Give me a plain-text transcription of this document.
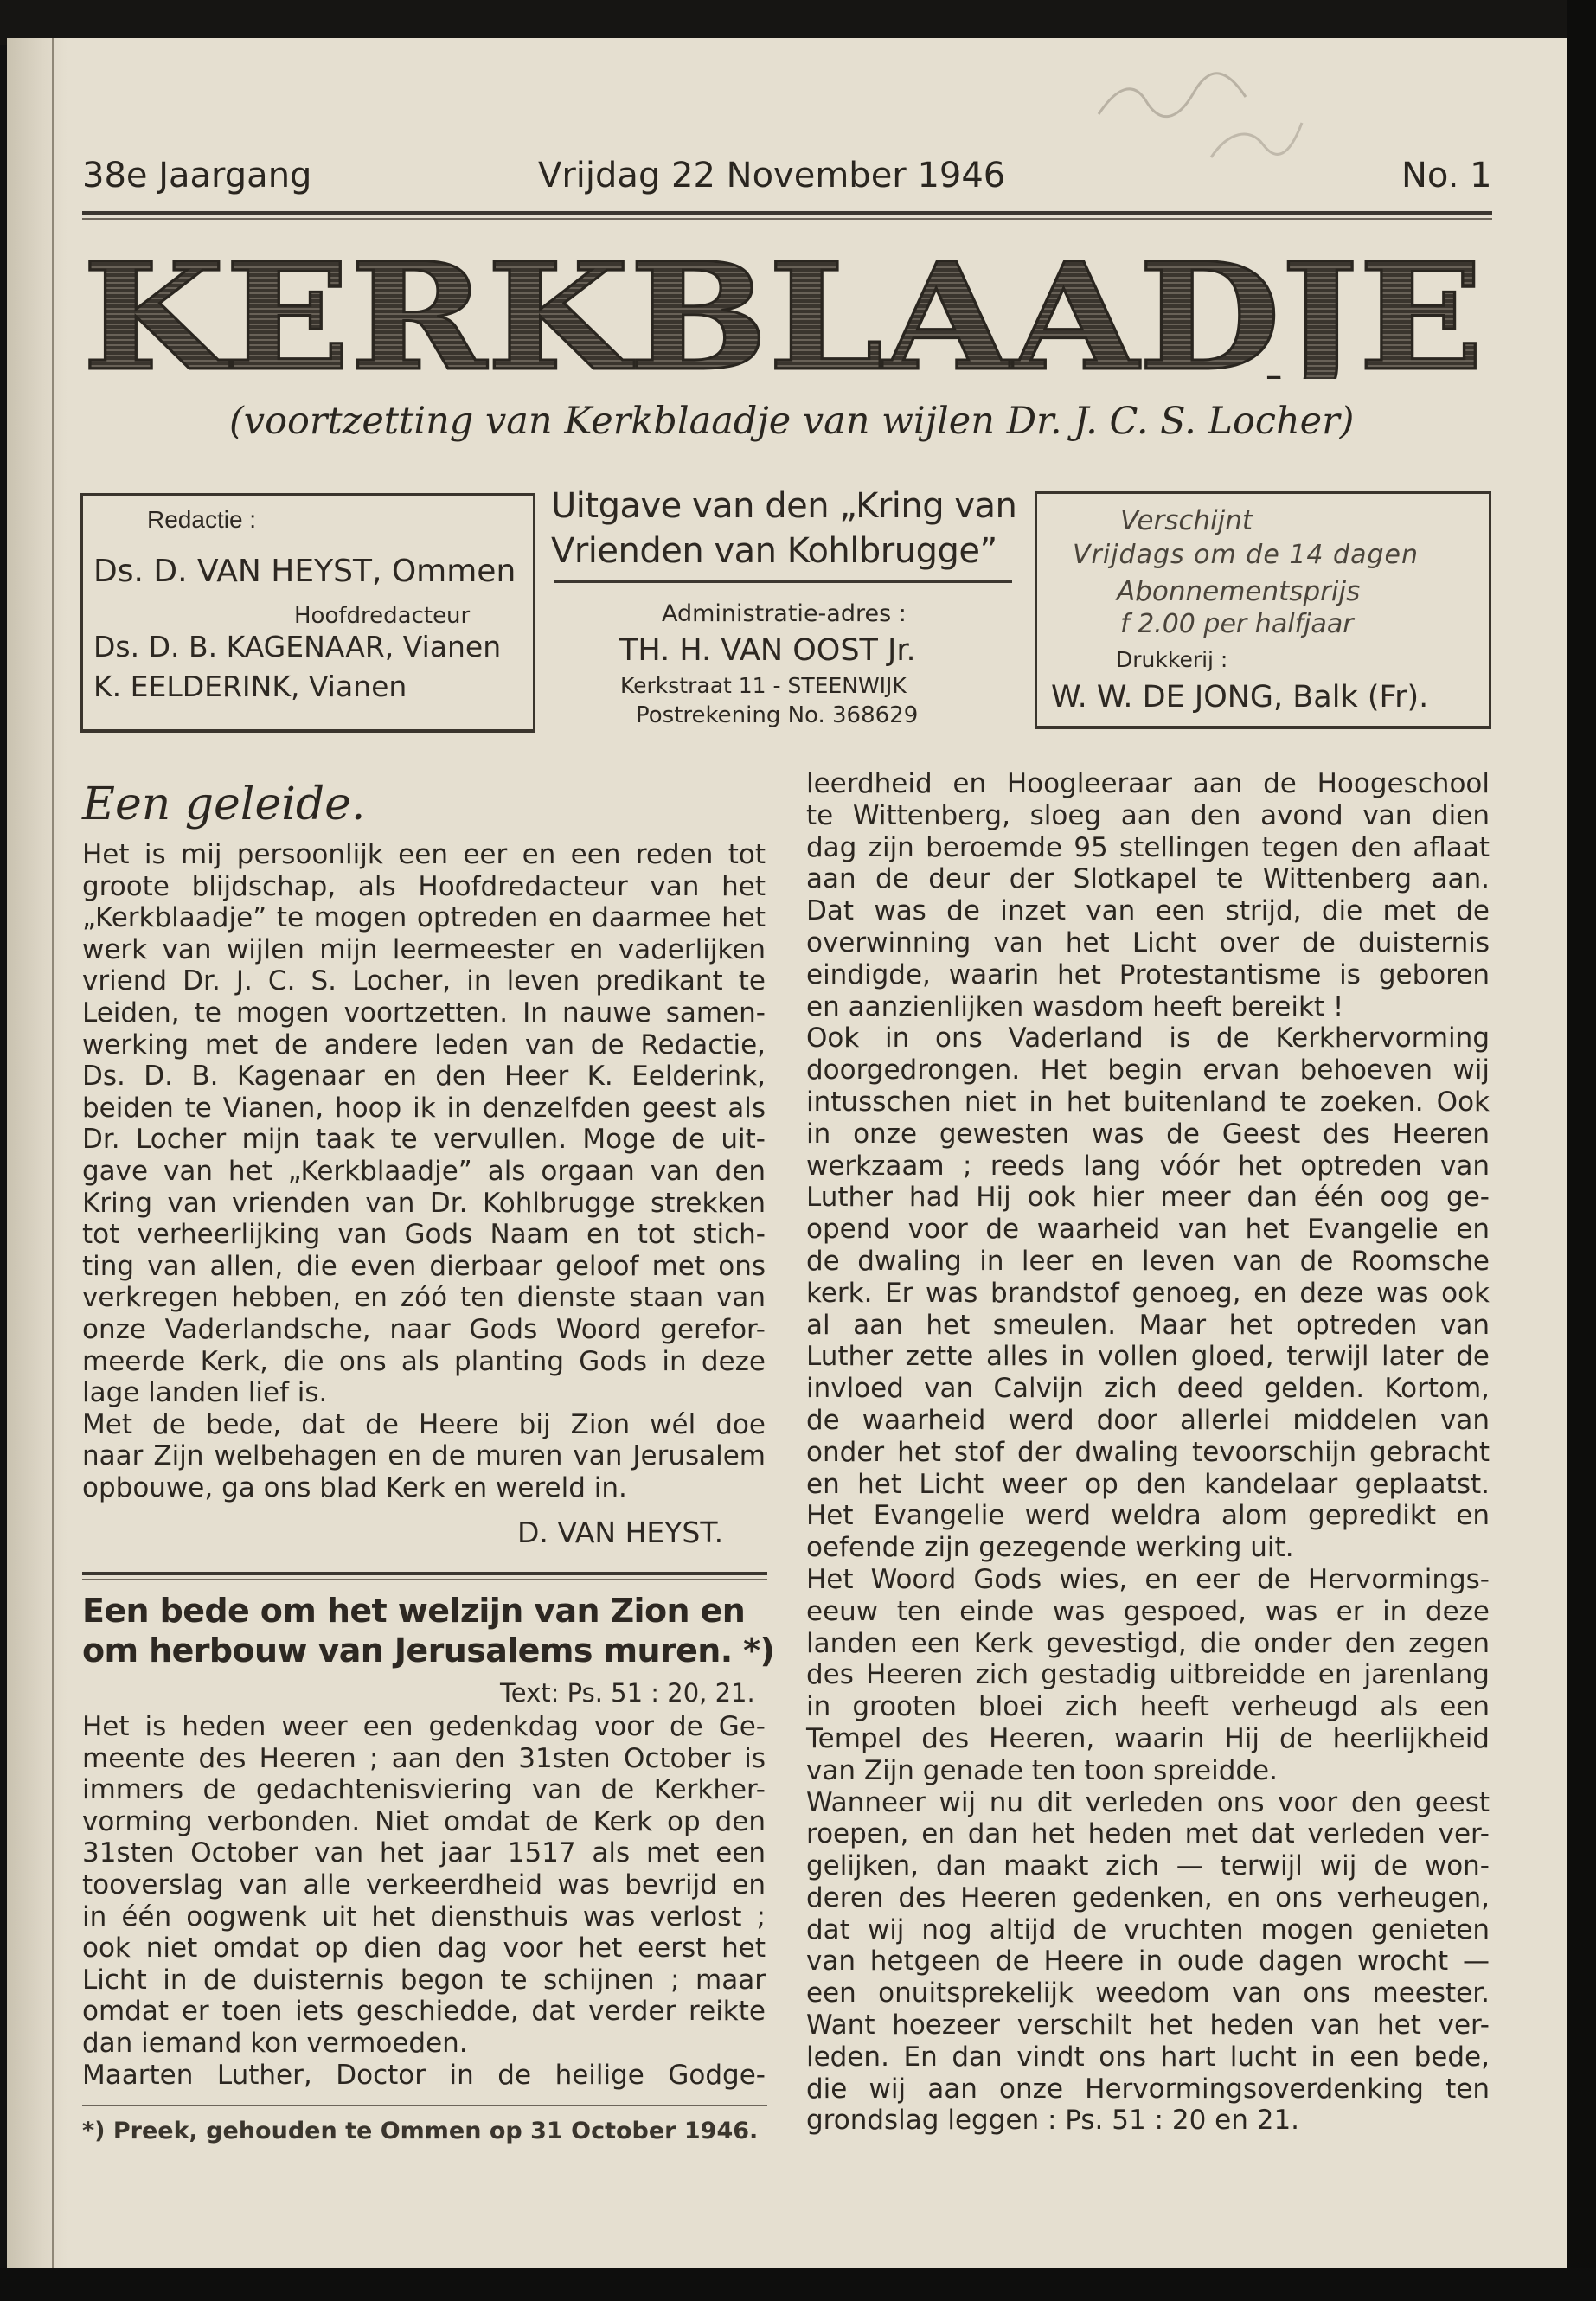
38e Jaargang	Vrijdag 22 November 1946	No. 1
KERKBLAADJE
(voortzetting van Kerkblaadje van wijlen Dr. J. C. S. Locher)
Redactie :
Ds. D. VAN HEYST, Ommen
Hoofdredacteur
Ds. D. B. KAGENAAR, Vianen
K. EELDERINK, Vianen
Uitgave van den „Kring van
Vrienden van Kohlbrugge”
Administratie-adres :
TH. H. VAN OOST Jr.
Kerkstraat 11 - STEENWIJK
Postrekening No. 368629
Verschijnt
Vrijdags om de 14 dagen
Abonnementsprijs
f 2.00 per halfjaar
Drukkerij :
W. W. DE JONG, Balk (Fr).
Een geleide.
Het is mij persoonlijk een eer en een reden tot
groote blijdschap, als Hoofdredacteur van het
„Kerkblaadje” te mogen optreden en daarmee het
werk van wijlen mijn leermeester en vaderlijken
vriend Dr. J. C. S. Locher, in leven predikant te
Leiden, te mogen voortzetten. In nauwe samen-
werking met de andere leden van de Redactie,
Ds. D. B. Kagenaar en den Heer K. Eelderink,
beiden te Vianen, hoop ik in denzelfden geest als
Dr. Locher mijn taak te vervullen. Moge de uit-
gave van het „Kerkblaadje” als orgaan van den
Kring van vrienden van Dr. Kohlbrugge strekken
tot verheerlijking van Gods Naam en tot stich-
ting van allen, die even dierbaar geloof met ons
verkregen hebben, en zóó ten dienste staan van
onze Vaderlandsche, naar Gods Woord gerefor-
meerde Kerk, die ons als planting Gods in deze
lage landen lief is.
Met de bede, dat de Heere bij Zion wél doe
naar Zijn welbehagen en de muren van Jerusalem
opbouwe, ga ons blad Kerk en wereld in.
D. VAN HEYST.
Een bede om het welzijn van Zion en
om herbouw van Jerusalems muren. *)
Text: Ps. 51 : 20, 21.
Het is heden weer een gedenkdag voor de Ge-
meente des Heeren ; aan den 31sten October is
immers de gedachtenisviering van de Kerkher-
vorming verbonden. Niet omdat de Kerk op den
31sten October van het jaar 1517 als met een
tooverslag van alle verkeerdheid was bevrijd en
in één oogwenk uit het diensthuis was verlost ;
ook niet omdat op dien dag voor het eerst het
Licht in de duisternis begon te schijnen ; maar
omdat er toen iets geschiedde, dat verder reikte
dan iemand kon vermoeden.
Maarten Luther, Doctor in de heilige Godge-
*) Preek, gehouden te Ommen op 31 October 1946.
leerdheid en Hoogleeraar aan de Hoogeschool
te Wittenberg, sloeg aan den avond van dien
dag zijn beroemde 95 stellingen tegen den aflaat
aan de deur der Slotkapel te Wittenberg aan.
Dat was de inzet van een strijd, die met de
overwinning van het Licht over de duisternis
eindigde, waarin het Protestantisme is geboren
en aanzienlijken wasdom heeft bereikt !
Ook in ons Vaderland is de Kerkhervorming
doorgedrongen. Het begin ervan behoeven wij
intusschen niet in het buitenland te zoeken. Ook
in onze gewesten was de Geest des Heeren
werkzaam ; reeds lang vóór het optreden van
Luther had Hij ook hier meer dan één oog ge-
opend voor de waarheid van het Evangelie en
de dwaling in leer en leven van de Roomsche
kerk. Er was brandstof genoeg, en deze was ook
al aan het smeulen. Maar het optreden van
Luther zette alles in vollen gloed, terwijl later de
invloed van Calvijn zich deed gelden. Kortom,
de waarheid werd door allerlei middelen van
onder het stof der dwaling tevoorschijn gebracht
en het Licht weer op den kandelaar geplaatst.
Het Evangelie werd weldra alom gepredikt en
oefende zijn gezegende werking uit.
Het Woord Gods wies, en eer de Hervormings-
eeuw ten einde was gespoed, was er in deze
landen een Kerk gevestigd, die onder den zegen
des Heeren zich gestadig uitbreidde en jarenlang
in grooten bloei zich heeft verheugd als een
Tempel des Heeren, waarin Hij de heerlijkheid
van Zijn genade ten toon spreidde.
Wanneer wij nu dit verleden ons voor den geest
roepen, en dan het heden met dat verleden ver-
gelijken, dan maakt zich — terwijl wij de won-
deren des Heeren gedenken, en ons verheugen,
dat wij nog altijd de vruchten mogen genieten
van hetgeen de Heere in oude dagen wrocht —
een onuitsprekelijk weedom van ons meester.
Want hoezeer verschilt het heden van het ver-
leden. En dan vindt ons hart lucht in een bede,
die wij aan onze Hervormingsoverdenking ten
grondslag leggen : Ps. 51 : 20 en 21.
